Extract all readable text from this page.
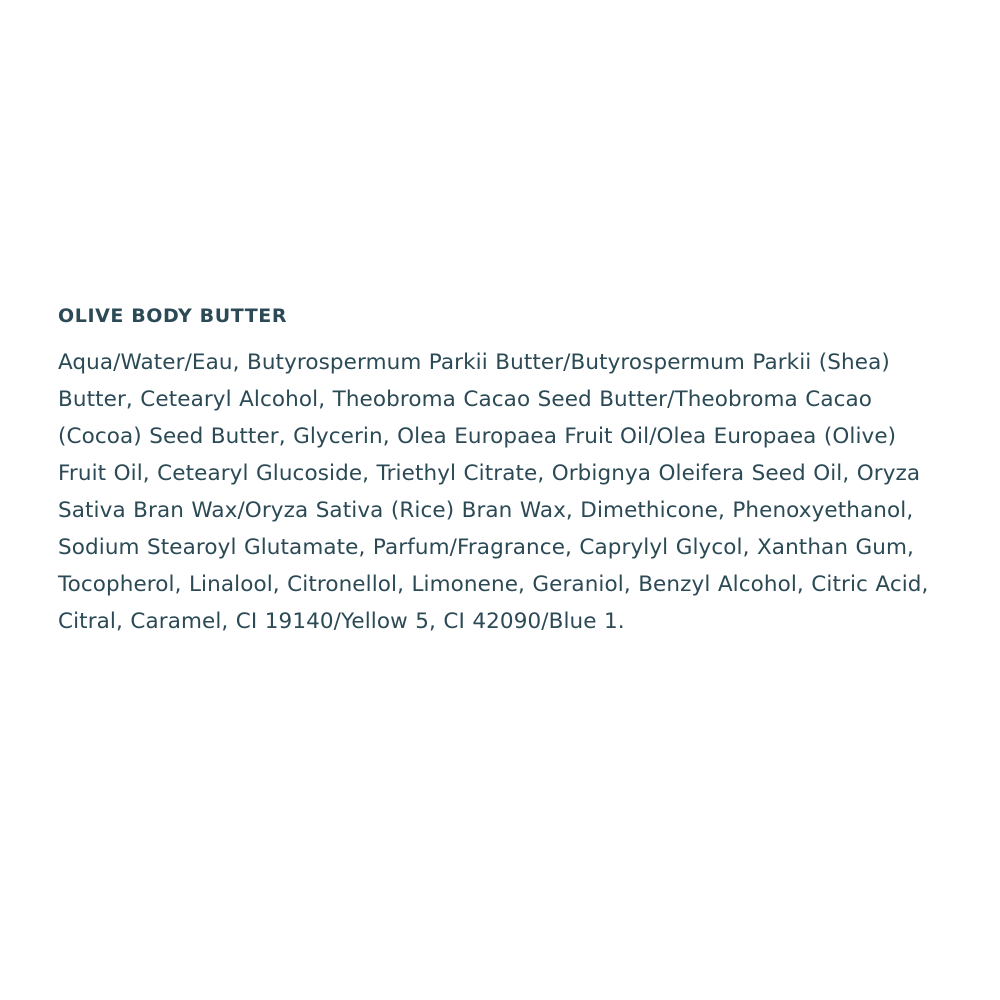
OLIVE BODY BUTTER

Aqua/Water/Eau, Butyrospermum Parkii Butter/Butyrospermum Parkii (Shea) Butter, Cetearyl Alcohol, Theobroma Cacao Seed Butter/Theobroma Cacao (Cocoa) Seed Butter, Glycerin, Olea Europaea Fruit Oil/Olea Europaea (Olive) Fruit Oil, Cetearyl Glucoside, Triethyl Citrate, Orbignya Oleifera Seed Oil, Oryza Sativa Bran Wax/Oryza Sativa (Rice) Bran Wax, Dimethicone, Phenoxyethanol, Sodium Stearoyl Glutamate, Parfum/Fragrance, Caprylyl Glycol, Xanthan Gum, Tocopherol, Linalool, Citronellol, Limonene, Geraniol, Benzyl Alcohol, Citric Acid, Citral, Caramel, CI 19140/Yellow 5, CI 42090/Blue 1.
